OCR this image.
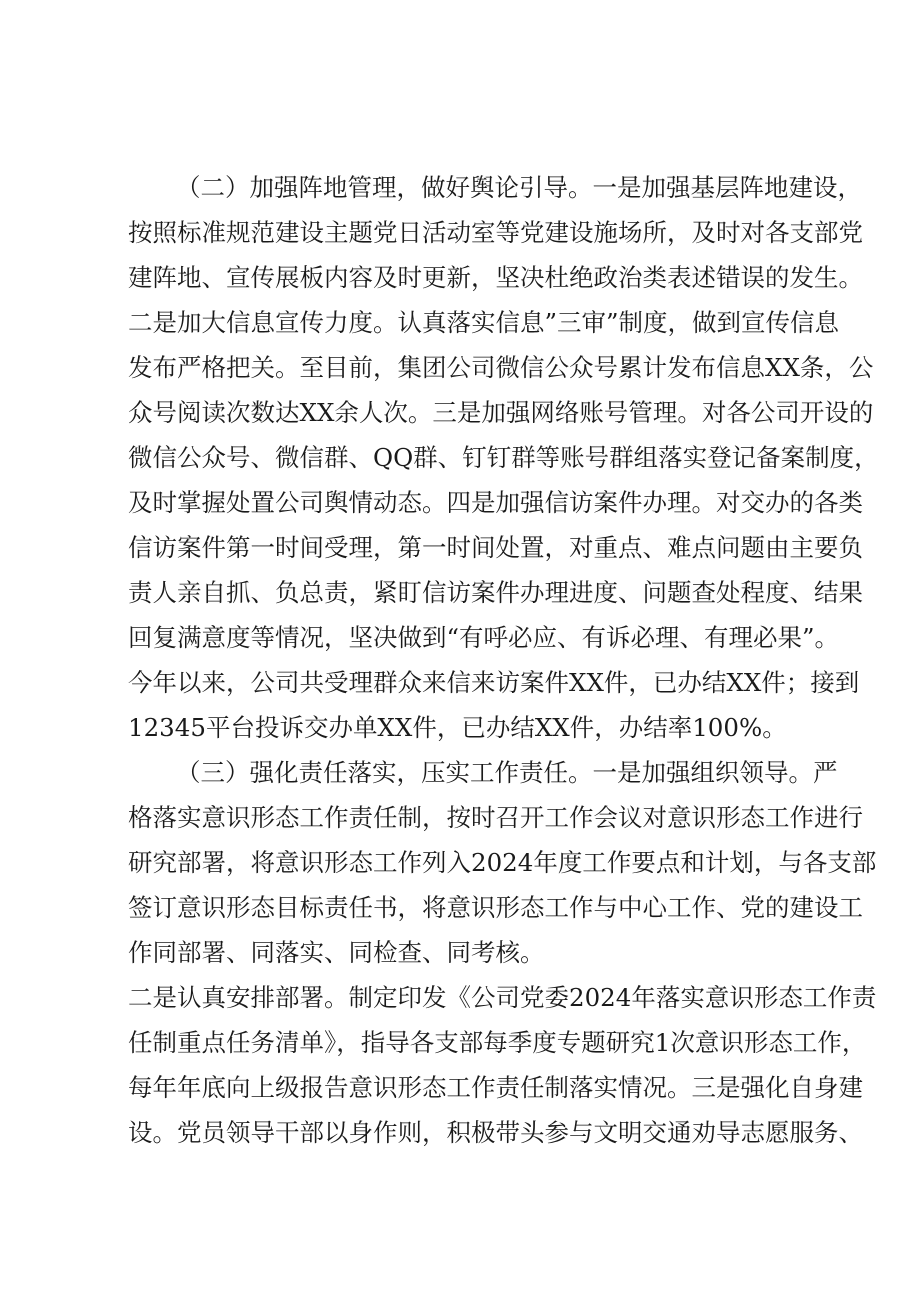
（二）加强阵地管理，做好舆论引导。一是加强基层阵地建设，
按照标准规范建设主题党日活动室等党建设施场所，及时对各支部党
建阵地、宣传展板内容及时更新，坚决杜绝政治类表述错误的发生。
二是加大信息宣传力度。认真落实信息”三审”制度，做到宣传信息
发布严格把关。至目前，集团公司微信公众号累计发布信息XX条，公
众号阅读次数达XX余人次。三是加强网络账号管理。对各公司开设的
微信公众号、微信群、QQ群、钉钉群等账号群组落实登记备案制度，
及时掌握处置公司舆情动态。四是加强信访案件办理。对交办的各类
信访案件第一时间受理，第一时间处置，对重点、难点问题由主要负
责人亲自抓、负总责，紧盯信访案件办理进度、问题查处程度、结果
回复满意度等情况，坚决做到“有呼必应、有诉必理、有理必果”。
今年以来，公司共受理群众来信来访案件XX件，已办结XX件；接到
12345平台投诉交办单XX件，已办结XX件，办结率100%。
（三）强化责任落实，压实工作责任。一是加强组织领导。严
格落实意识形态工作责任制，按时召开工作会议对意识形态工作进行
研究部署，将意识形态工作列入2024年度工作要点和计划，与各支部
签订意识形态目标责任书，将意识形态工作与中心工作、党的建设工
作同部署、同落实、同检查、同考核。
二是认真安排部署。制定印发《公司党委2024年落实意识形态工作责
任制重点任务清单》，指导各支部每季度专题研究1次意识形态工作，
每年年底向上级报告意识形态工作责任制落实情况。三是强化自身建
设。党员领导干部以身作则，积极带头参与文明交通劝导志愿服务、
